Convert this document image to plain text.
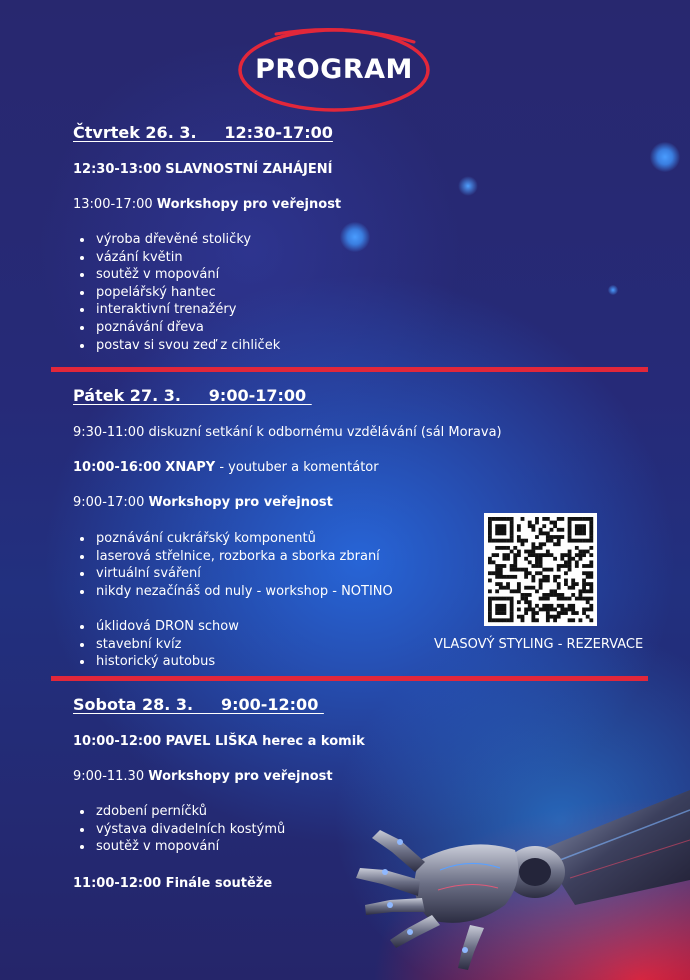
PROGRAM
Čtvrtek 26. 3.     12:30-17:00
12:30-13:00 SLAVNOSTNÍ ZAHÁJENÍ
13:00-17:00 Workshopy pro veřejnost
výroba dřevěné stoličky
vázání květin
soutěž v mopování
popelářský hantec
interaktivní trenažéry
poznávání dřeva
postav si svou zeď z cihliček
Pátek 27. 3.     9:00-17:00
9:30-11:00 diskuzní setkání k odbornému vzdělávání (sál Morava)
10:00-16:00 XNAPY - youtuber a komentátor
9:00-17:00 Workshopy pro veřejnost
poznávání cukrářský komponentů
laserová střelnice, rozborka a sborka zbraní
virtuální sváření
nikdy nezačínáš od nuly - workshop - NOTINO
úklidová DRON schow
stavební kvíz
historický autobus
VLASOVÝ STYLING - REZERVACE
Sobota 28. 3.     9:00-12:00
10:00-12:00 PAVEL LIŠKA herec a komik
9:00-11.30 Workshopy pro veřejnost
zdobení perníčků
výstava divadelních kostýmů
soutěž v mopování
11:00-12:00 Finále soutěže
